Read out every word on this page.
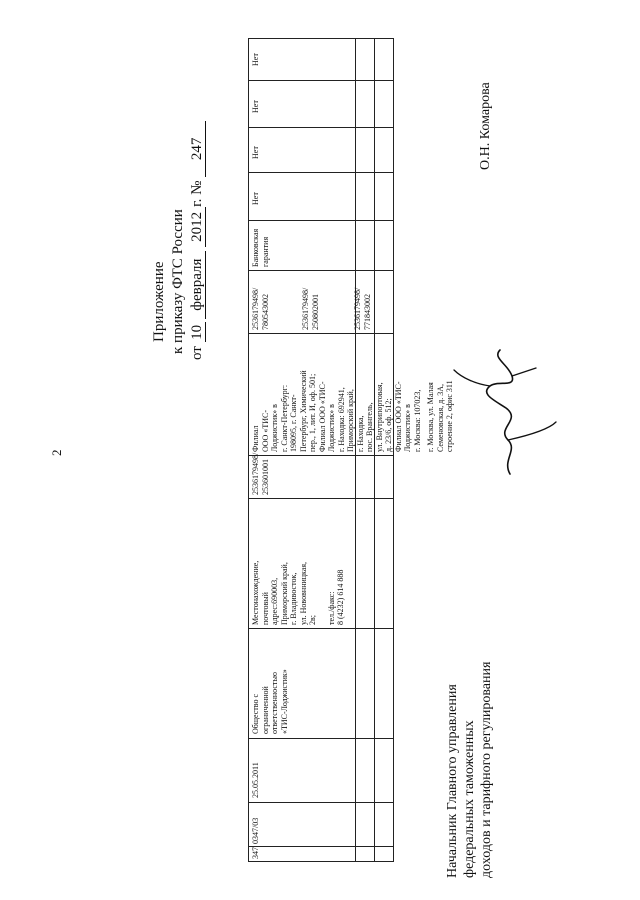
2
Приложение к приказу ФТС России от 10 февраля 2012г. № 247
347
0347/03
25.05.2011
Общество с ограниченной ответственностью «ТИС-Лоджистик»
Местонахождение, почтовый адрес:690003, Приморский край, г. Владивосток, ул. Нововнницкая, 2в; тел./факс: 8 (4232) 614 888
2536179498/ 253601001
Филиал ООО «ТИС- Лоджистик» в г. Санкт-Петербург: 198095, г. Санкт- Петербург, Химический пер., 1, лит. И, оф. 501; Филиал ООО «ТИС- Лоджистик» в г. Находка: 692941, Приморский край, г. Находка, пос. Врангель, ул. Внутрипортовая, д. 23/6, оф. 512; Филиал ООО «ТИС- Лоджистик» в г. Москва: 107023, г. Москва, ул. Малая Семеновская, д. 3А, строение 2, офис 311
2536179498/ 780543002	2536179498/ 250802001	2536179498/ 771843002
Банковская гарантия
Нет
Нет
Нет
Нет
Начальник Главного управления федеральных таможенных доходов и тарифного регулирования
О.Н. Комарова
